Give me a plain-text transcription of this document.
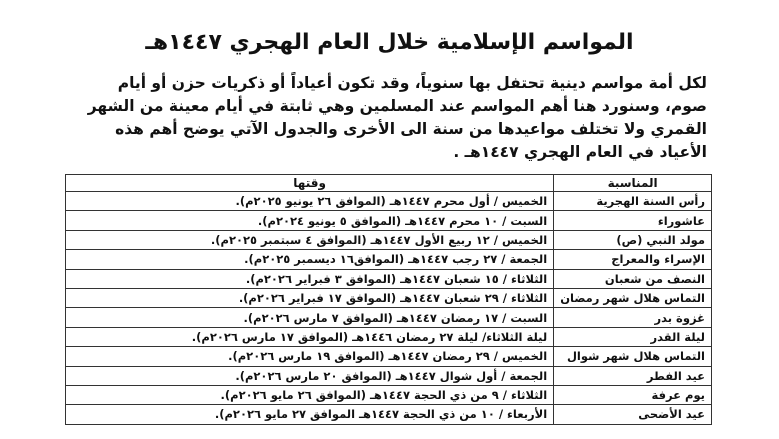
المواسم الإسلامية خلال العام الهجري ١٤٤٧هـ
لكل أمة مواسم دينية تحتفل بها سنوياً، وقد تكون أعياداً أو ذكريات حزن أو أيام
صوم، وسنورد هنا أهم المواسم عند المسلمين وهي ثابتة في أيام معينة من الشهر
القمري ولا تختلف مواعيدها من سنة الى الأخرى والجدول الآتي يوضح أهم هذه
الأعياد في العام الهجري ١٤٤٧هـ .
المناسبة	وقتها
رأس السنة الهجرية	الخميس / أول محرم ١٤٤٧هـ (الموافق ٢٦ يونيو ٢٠٢٥م).
عاشوراء	السبت / ١٠ محرم ١٤٤٧هـ (الموافق ٥ يونيو ٢٠٢٤م).
مولد النبي (ص)	الخميس / ١٢ ربيع الأول ١٤٤٧هـ (الموافق ٤ سبتمبر ٢٠٢٥م).
الإسراء والمعراج	الجمعة / ٢٧ رجب ١٤٤٧هـ (الموافق١٦ ديسمبر ٢٠٢٥م).
النصف من شعبان	الثلاثاء / ١٥ شعبان ١٤٤٧هـ (الموافق ٣ فبراير ٢٠٢٦م).
التماس هلال شهر رمضان	الثلاثاء / ٢٩ شعبان ١٤٤٧هـ (الموافق ١٧ فبراير ٢٠٢٦م).
غزوة بدر	السبت / ١٧ رمضان ١٤٤٧هـ (الموافق ٧ مارس ٢٠٢٦م).
ليلة القدر	ليلة الثلاثاء/ ليلة ٢٧ رمضان ١٤٤٦هـ (الموافق ١٧ مارس ٢٠٢٦م).
التماس هلال شهر شوال	الخميس / ٢٩ رمضان ١٤٤٧هـ (الموافق ١٩ مارس ٢٠٢٦م).
عيد الفطر	الجمعة / أول شوال ١٤٤٧هـ (الموافق ٢٠ مارس ٢٠٢٦م).
يوم عرفة	الثلاثاء / ٩ من ذي الحجة ١٤٤٧هـ (الموافق ٢٦ مايو ٢٠٢٦م).
عيد الأضحى	الأربعاء / ١٠ من ذي الحجة ١٤٤٧هـ الموافق ٢٧ مايو ٢٠٢٦م).
